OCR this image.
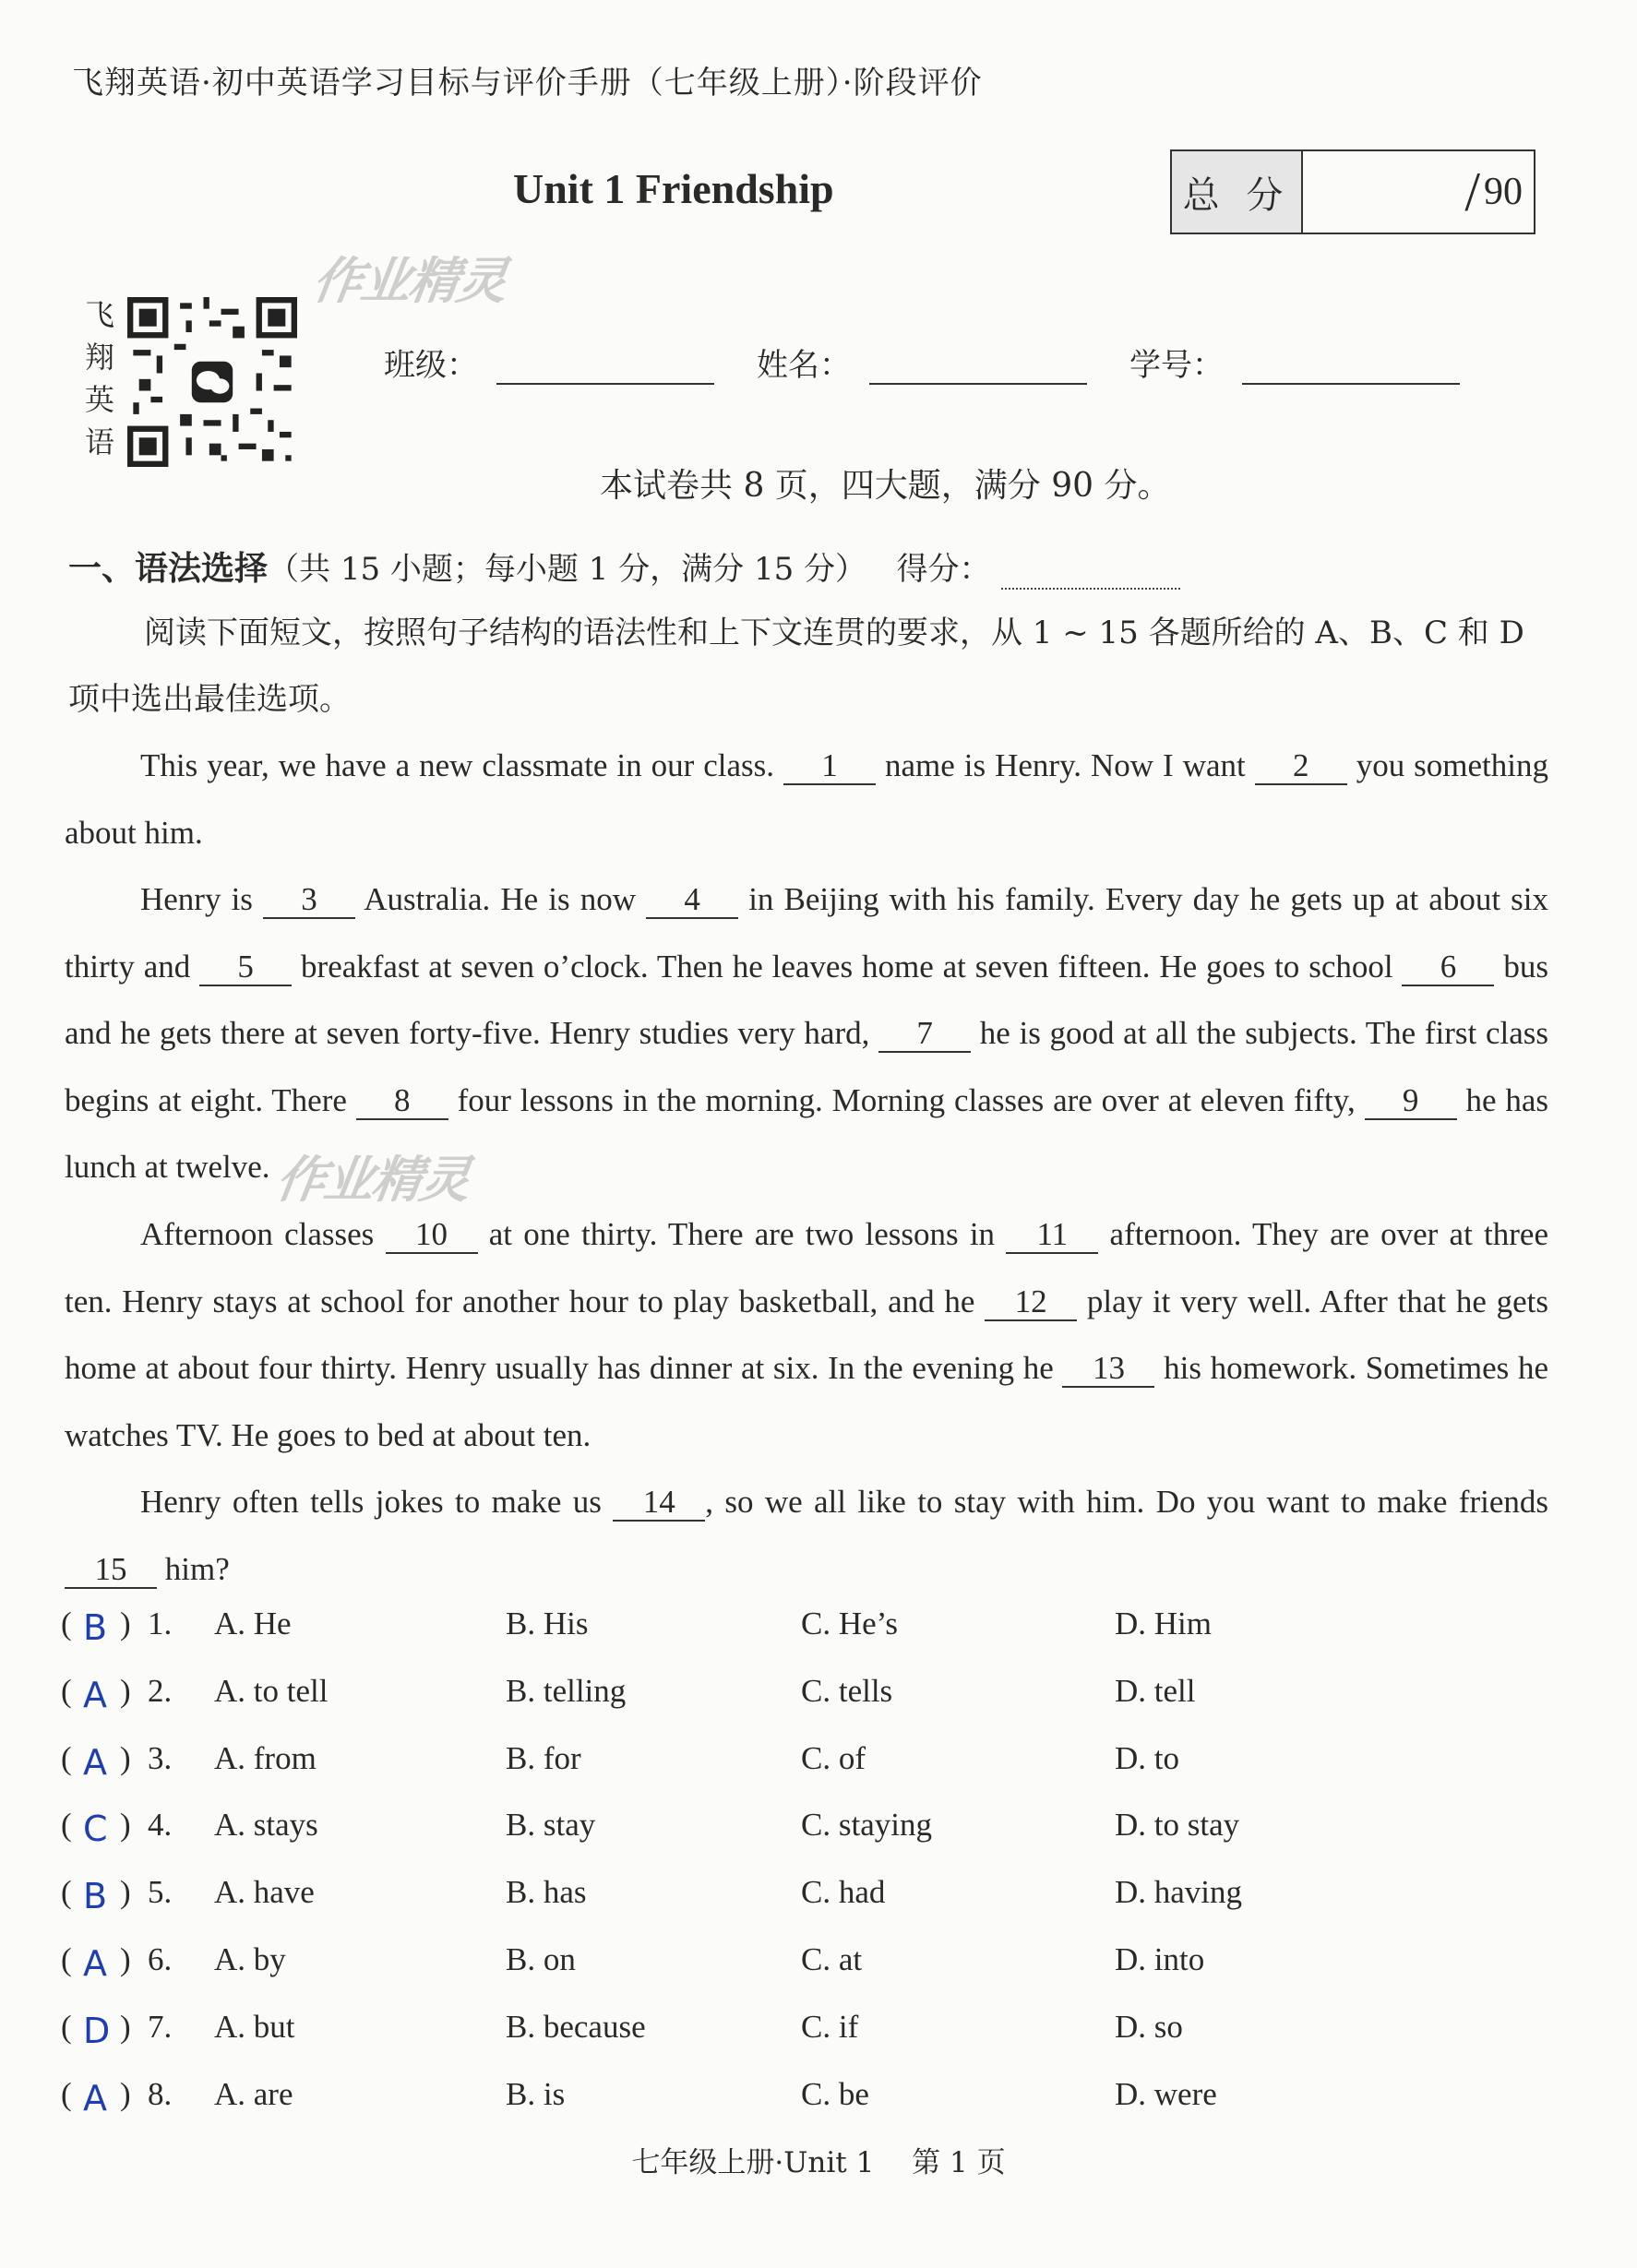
飞翔英语·初中英语学习目标与评价手册（七年级上册）·阶段评价
Unit 1 Friendship	总 分	/ 90
飞
翔
英
语
作业精灵
作业精灵
班级：	姓名：	学号：
本试卷共 8 页，四大题，满分 90 分。
一、语法选择（共 15 小题；每小题 1 分，满分 15 分） 得分：
阅读下面短文，按照句子结构的语法性和上下文连贯的要求，从 1 ~ 15 各题所给的 A、B、C 和 D 项中选出最佳选项。
This year, we have a new classmate in our class. 1 name is Henry. Now I want 2 you something about him.
Henry is 3 Australia. He is now 4 in Beijing with his family. Every day he gets up at about six thirty and 5 breakfast at seven o’clock. Then he leaves home at seven fifteen. He goes to school 6 bus and he gets there at seven forty-five. Henry studies very hard, 7 he is good at all the subjects. The first class begins at eight. There 8 four lessons in the morning. Morning classes are over at eleven fifty, 9 he has lunch at twelve.
Afternoon classes 10 at one thirty. There are two lessons in 11 afternoon. They are over at three ten. Henry stays at school for another hour to play basketball, and he 12 play it very well. After that he gets home at about four thirty. Henry usually has dinner at six. In the evening he 13 his homework. Sometimes he watches TV. He goes to bed at about ten.
Henry often tells jokes to make us 14 , so we all like to stay with him. Do you want to make friends 15 him?
( B ) 1. A. He	B. His	C. He’s	D. Him
( A ) 2. A. to tell	B. telling	C. tells	D. tell
( A ) 3. A. from	B. for	C. of	D. to
( C ) 4. A. stays	B. stay	C. staying	D. to stay
( B ) 5. A. have	B. has	C. had	D. having
( A ) 6. A. by	B. on	C. at	D. into
( D ) 7. A. but	B. because	C. if	D. so
( A ) 8. A. are	B. is	C. be	D. were
七年级上册·Unit 1　 第 1 页
